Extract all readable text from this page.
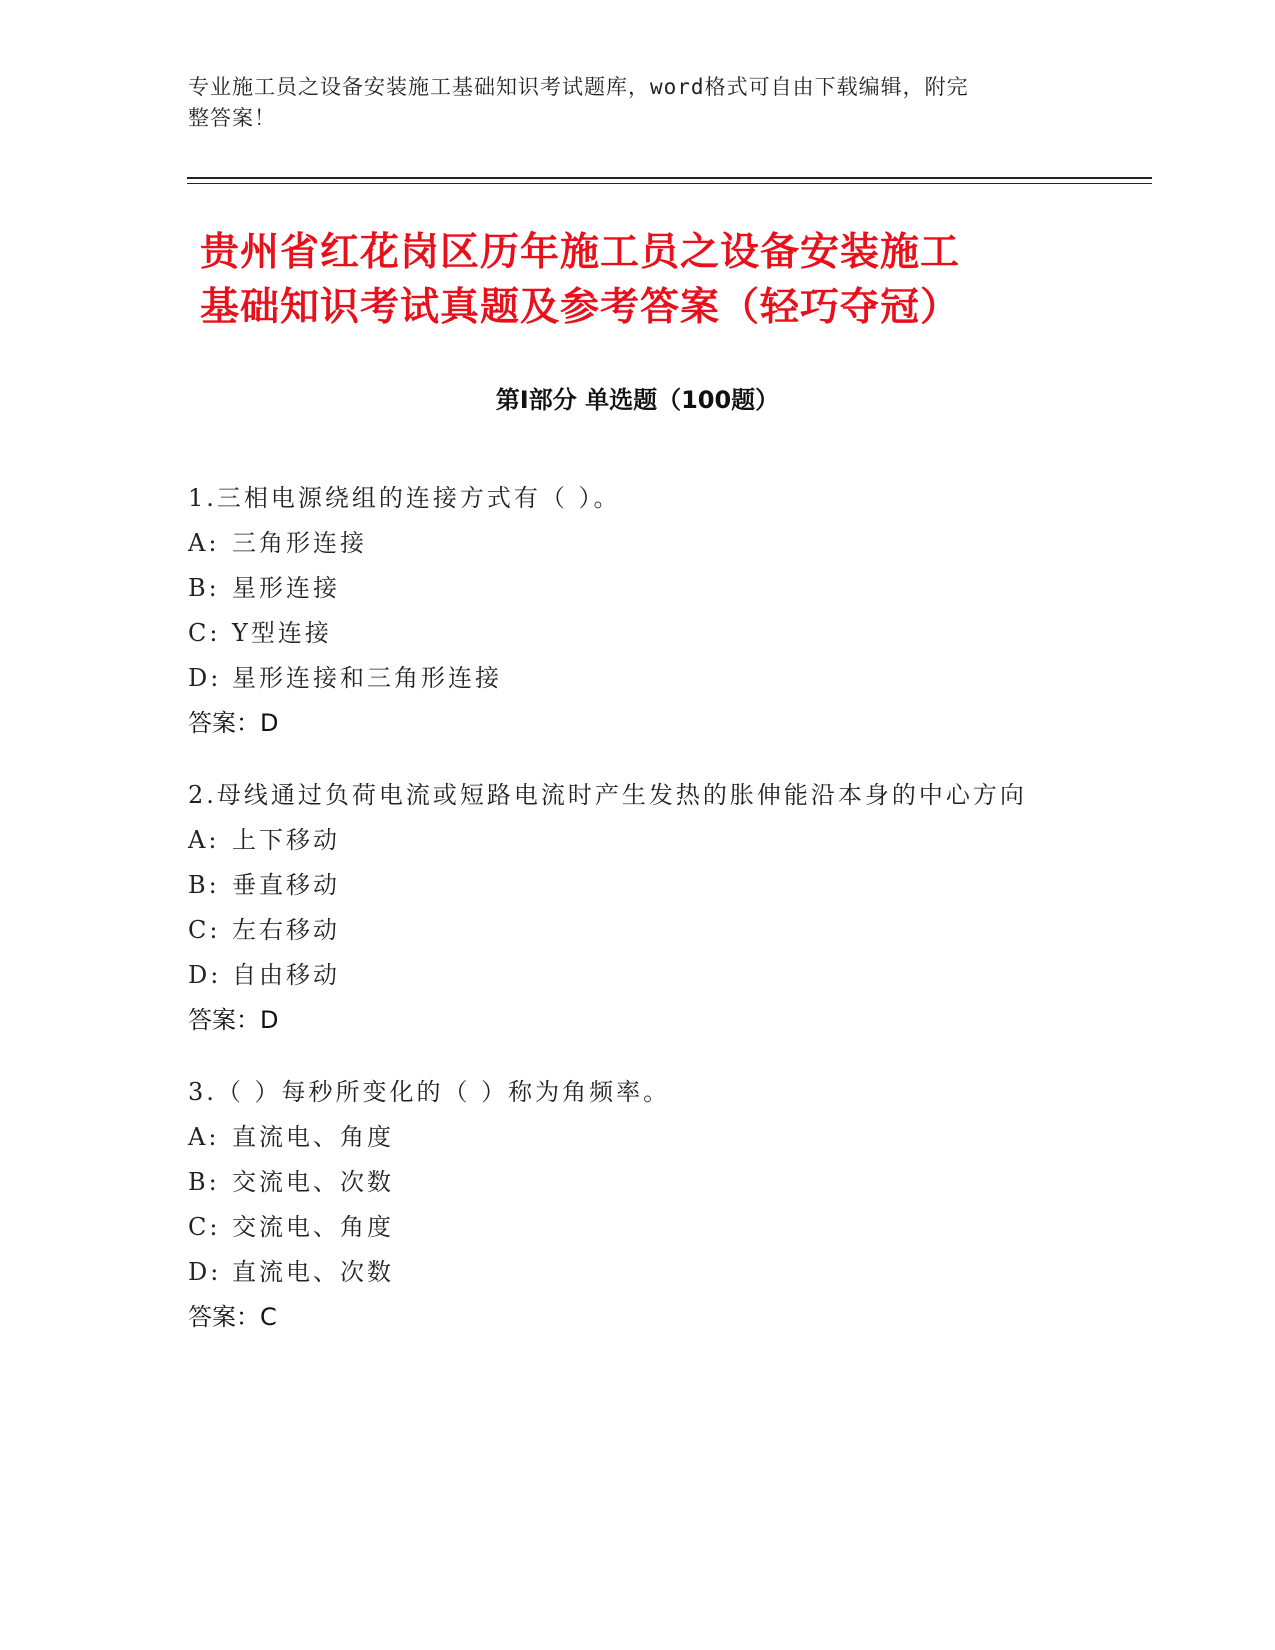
专业施工员之设备安装施工基础知识考试题库，word格式可自由下载编辑，附完
整答案！
贵州省红花岗区历年施工员之设备安装施工
基础知识考试真题及参考答案（轻巧夺冠）
第Ⅰ部分 单选题（100题）
1.三相电源绕组的连接方式有（ ）。
A: 三角形连接
B: 星形连接
C: Y型连接
D: 星形连接和三角形连接
答案：D
2.母线通过负荷电流或短路电流时产生发热的胀伸能沿本身的中心方向
A: 上下移动
B: 垂直移动
C: 左右移动
D: 自由移动
答案：D
3.（ ）每秒所变化的（ ）称为角频率。
A: 直流电、角度
B: 交流电、次数
C: 交流电、角度
D: 直流电、次数
答案：C
